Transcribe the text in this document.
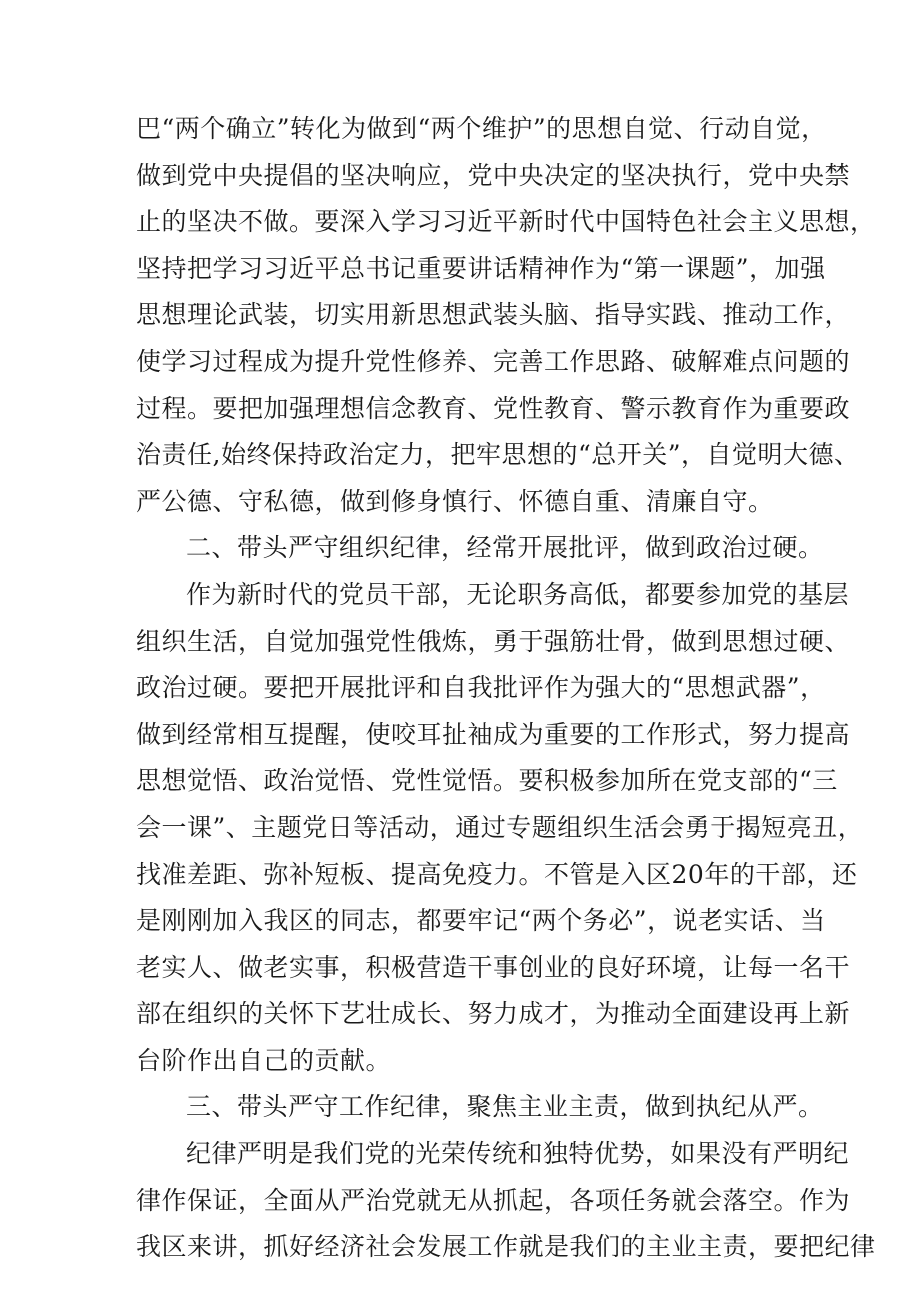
巴“两个确立”转化为做到“两个维护”的思想自觉、行动自觉，
做到党中央提倡的坚决响应，党中央决定的坚决执行，党中央禁
止的坚决不做。要深入学习习近平新时代中国特色社会主义思想，
坚持把学习习近平总书记重要讲话精神作为“第一课题”，加强
思想理论武装，切实用新思想武装头脑、指导实践、推动工作，
使学习过程成为提升党性修养、完善工作思路、破解难点问题的
过程。要把加强理想信念教育、党性教育、警示教育作为重要政
治责任,始终保持政治定力，把牢思想的“总开关”，自觉明大德、
严公德、守私德，做到修身慎行、怀德自重、清廉自守。
二、带头严守组织纪律，经常开展批评，做到政治过硬。
作为新时代的党员干部，无论职务高低，都要参加党的基层
组织生活，自觉加强党性俄炼，勇于强筋壮骨，做到思想过硬、
政治过硬。要把开展批评和自我批评作为强大的“思想武器”，
做到经常相互提醒，使咬耳扯袖成为重要的工作形式，努力提高
思想觉悟、政治觉悟、党性觉悟。要积极参加所在党支部的“三
会一课”、主题党日等活动，通过专题组织生活会勇于揭短亮丑，
找准差距、弥补短板、提高免疫力。不管是入区20年的干部，还
是刚刚加入我区的同志，都要牢记“两个务必”，说老实话、当
老实人、做老实事，积极营造干事创业的良好环境，让每一名干
部在组织的关怀下艺壮成长、努力成才，为推动全面建设再上新
台阶作出自己的贡献。
三、带头严守工作纪律，聚焦主业主责，做到执纪从严。
纪律严明是我们党的光荣传统和独特优势，如果没有严明纪
律作保证，全面从严治党就无从抓起，各项任务就会落空。作为
我区来讲，抓好经济社会发展工作就是我们的主业主责，要把纪律
